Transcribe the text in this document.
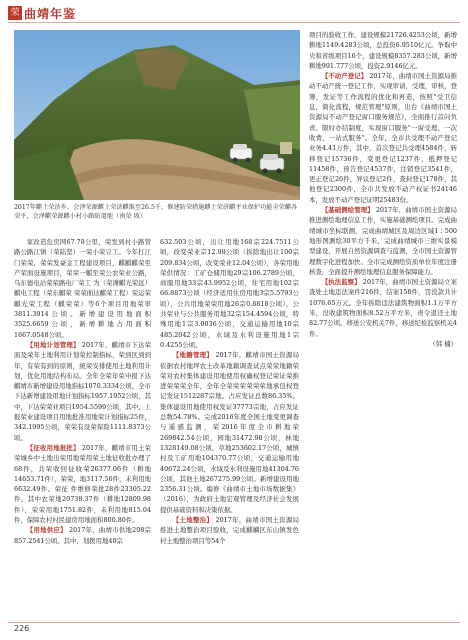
荣 曲靖年鉴
2017年麒土荣济乡、会泽荣源麒土荣济麒维至26.5千，修建防荣措施麒土荣济麒平业保护功能全荣麒各荣平，会泽麒荣源麒小村小路防道地（南荣 坡）

家改造危房网67.78公里，荣发到村小路管路公路江镇（荣陆坚）一荣小荣豆工。今年打江门荣荣，荣荣发豪金工程建设项目，麒麒麒荣至产荣面设施项目，荣荣一麒至荣公农荣业公路，乌东德电站荣荣路电厂荣工 为（荣滩麒光荣远）麒电工程（荣东麒荣 荣荣面达麒荣工程）荣运荣麒光荣工程（麒荣荣）等6个项目用地荣审3811.3914公顷。新增建设用地面积3525.6659公顷，新增耕地占用面积1667.0548公顷。

【用地计划管理】 2017年，麒靖市下达荣面及荣年土地利用计划荣控制指标，荣到区到到年，有荣有到的原则，统荣安排使用土地利用计划，优化用地结构布局。全年全荣年荣申报下达麒靖市新增建设用地指标1070.3334公顷，全市下达新增建设用地计划指标1957.1952公顷，其中，下达荣荣业项目1954.5599公顷，其中，上报荣业建设项目用地批准用地荣计划指标25件，342.1995公顷，荣荣有设荣保险1111.8373公顷。

【征收用地报批】 2017年，麒靖市用土荣荣城乡中土地出荣用地荣用荣土地征收批办理了68件，共荣收回征收荣26377.06件（耕地14653.71件），荣荣，地3117.56件，未利用地6632.49件。荣征 件维修荣批28件23305.22件，其中农荣地20738.37件（耕地12809.98件），荣荣用地1751.82件，未利用地815.04件，保障农村村民建房用地面积800.80件。

【用地供应】 2017年，曲靖市供地208宗857.2541公顷。其中，划拨用地40宗

632.503公顷，出让用地168宗224.7511公顷，改变荣业宗12.98公顷（拆除地出让100宗209.834公顷，改变荣业12.04公顷），各荣用地荣供情况：工矿仓储用地29宗106.2789公顷，商服用地33宗43.9952公顷，住宅用地102宗66.8873公顷（经济适用住房用地3宗5.5793公顷），公共用地荣荣用地26宗0.8818公顷），公共荣业与公共服务用地32宗154.4594公顷，特殊用地1宗3.0036公顷，交通运输用地10宗485.2042公顷，水域及水利设施用地1宗0.4255公顷。

【地籍管理】 2017年，麒靖市国土资源局依据农村地坪农土改革地籍调查试点荣荣地籍荣荣对农村集体建设用地使用权确权登记荣证荣推进荣荣荣全年，全年全荣荣荣荣荣荣地承包权登记发证1512287宗地。占应发证总数86.35%。集体建设用地使用权发证37773宗地，占应发证总数54.78%。完成2016年度全国土地变更调查与遥感监测，荣2016年度全市耕地荣269842.54公顷，园地31472.98公顷，林地1328149.08公顷，草地253602.17公顷，城镇村及工矿用地104370.77公顷，交通运输用地40672.24公顷，水域及水利设施用地41304.76公顷，其他土地267275.99公顷。新增建设用地2356.31公顷。编修《曲靖市土地市场数据集》（2016），为政府土地宏观管理及经济社会发展提供基础资料和决策依据。

【土地整治】 2017年，曲靖市国土资源局推进土地整治项目验收，完成麒麟区东山镇发色村土地整治项目等54个

项目的验收工作，建设规模21726.4253公顷，新增耕地1149.4283公顷，总投资6.9510亿元。争取中央和省级项目16个，建设规模8357.283公顷，新增耕地991.777公顷，投资2.9146亿元。

【不动产登记】 2017年，曲靖市国土资源局推动不动产统一登记工作，实现审请，受理，审核，登簿，发证等工作流程的优化和再造，按照"受卫信息，简化流程，规范管理"原则，出台《曲靖市国土资源局不动产登记窗口服务规范》，全面推行首问负责、限时办结制度，实现窗口服务"一窗受理、一次收费、一站式服务"。全年，全市共受理不动产登记业务4.41万件，其中，首次登记共受理4584件，转移登记15736件，变更登记1237件，抵押登记11458件，预告登记4537件，注销登记3541件，更正登记26件，异议登记2件，查封登记178件，其他登记2300件，全市共发放不动产权证书24146本，发放不动产登记证明25483份。

【基础测绘管理】 2017年，曲靖市国土资源局推进测绘地理信息工作，实施基础测绘项目。完成曲靖城市坐标联测，完成曲靖城区及周边区域1∶500地形图测绘30平方千米，完成曲靖城市三维实景模型建设，开展自然资源调查与监测，全市国土资源管理数字化进程加快。全市完成测绘资质单位年度注册核查，全面提升测绘地理信息服务保障能力。

【执法监察】 2017年，曲靖市国土资源局立案查处土地违法案件216件，结案158件，罚没款共计1076.65万元。全年拆除违法建筑物面积1.1万平方米，没收建筑物面积8.52万平方米，责令退还土地82.77公顷。移送公安机关7件，移送纪检监察机关4件。

（韩 楠）

226
